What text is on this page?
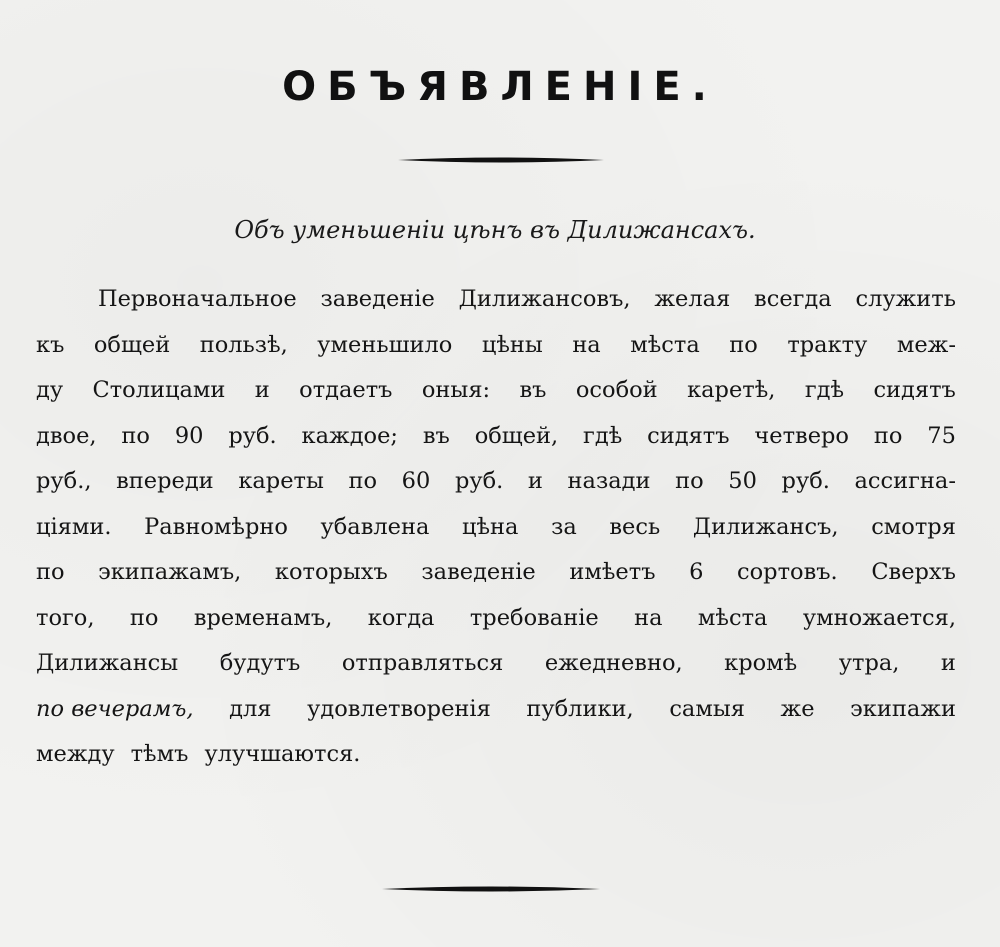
ОБЪЯВЛЕНІЕ.

Объ уменьшеніи цѣнъ въ Дилижансахъ.

Первоначальное заведеніе Дилижансовъ, желая всегда служить
къ общей пользѣ, уменьшило цѣны на мѣста по тракту меж-
ду Столицами и отдаетъ оныя: въ особой каретѣ, гдѣ сидятъ
двое, по 90 руб. каждое; въ общей, гдѣ сидятъ четверо по 75
руб., впереди кареты по 60 руб. и назади по 50 руб. ассигна-
ціями. Равномѣрно убавлена цѣна за весь Дилижансъ, смотря
по экипажамъ, которыхъ заведеніе имѣетъ 6 сортовъ. Сверхъ
того, по временамъ, когда требованіе на мѣста умножается,
Дилижансы будутъ отправляться ежедневно, кромѣ утра, и
по вечерамъ, для удовлетворенія публики, самыя же экипажи
между тѣмъ улучшаются.
